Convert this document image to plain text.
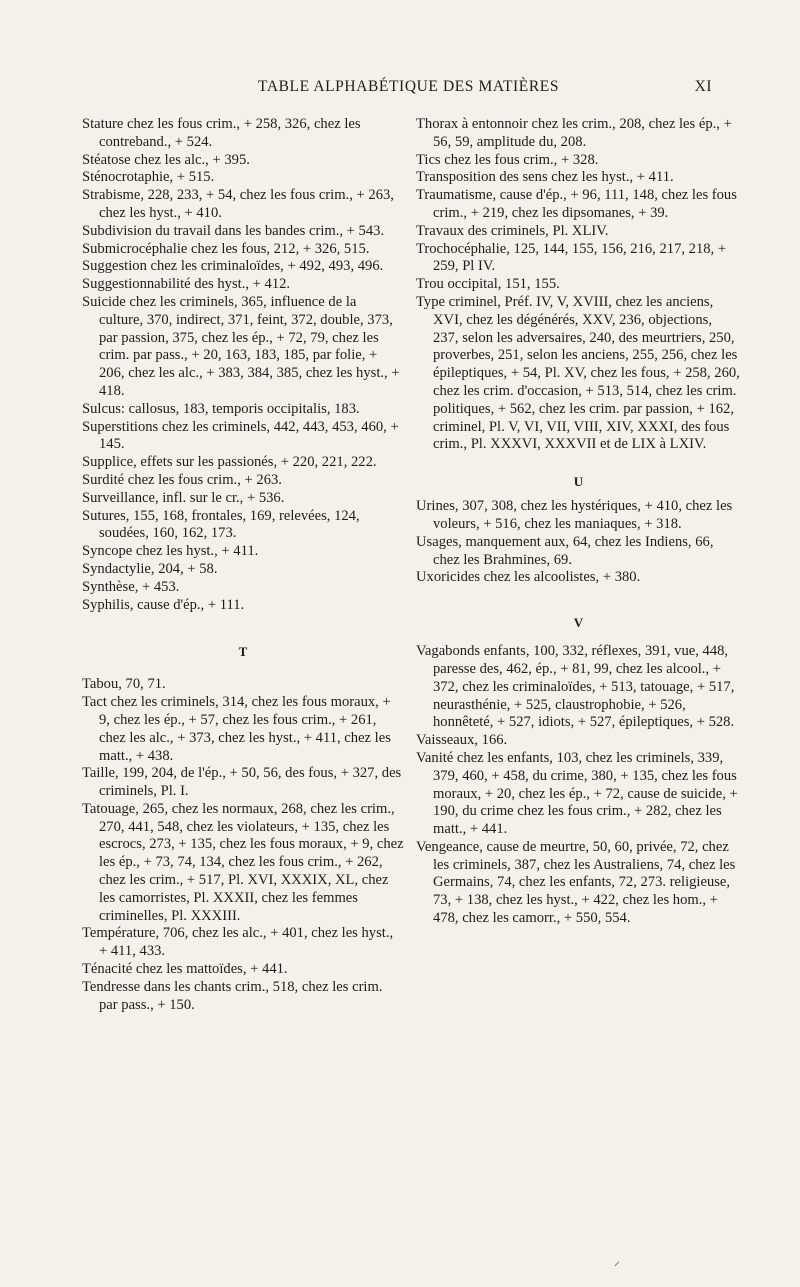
TABLE ALPHABÉTIQUE DES MATIÈRES	XI

Stature chez les fous crim., + 258, 326, chez les contreband., + 524.

Stéatose chez les alc., + 395.

Sténocrotaphie, + 515.

Strabisme, 228, 233, + 54, chez les fous crim., + 263, chez les hyst., + 410.

Subdivision du travail dans les bandes crim., + 543.

Submicrocéphalie chez les fous, 212, + 326, 515.

Suggestion chez les criminaloïdes, + 492, 493, 496.

Suggestionnabilité des hyst., + 412.

Suicide chez les criminels, 365, influence de la culture, 370, indirect, 371, feint, 372, double, 373, par passion, 375, chez les ép., + 72, 79, chez les crim. par pass., + 20, 163, 183, 185, par folie, + 206, chez les alc., + 383, 384, 385, chez les hyst., + 418.

Sulcus: callosus, 183, temporis occipitalis, 183.

Superstitions chez les criminels, 442, 443, 453, 460, + 145.

Supplice, effets sur les passionés, + 220, 221, 222.

Surdité chez les fous crim., + 263.

Surveillance, infl. sur le cr., + 536.

Sutures, 155, 168, frontales, 169, relevées, 124, soudées, 160, 162, 173.

Syncope chez les hyst., + 411.

Syndactylie, 204, + 58.

Synthèse, + 453.

Syphilis, cause d'ép., + 111.

T

Tabou, 70, 71.

Tact chez les criminels, 314, chez les fous moraux, + 9, chez les ép., + 57, chez les fous crim., + 261, chez les alc., + 373, chez les hyst., + 411, chez les matt., + 438.

Taille, 199, 204, de l'ép., + 50, 56, des fous, + 327, des criminels, Pl. I.

Tatouage, 265, chez les normaux, 268, chez les crim., 270, 441, 548, chez les violateurs, + 135, chez les escrocs, 273, + 135, chez les fous moraux, + 9, chez les ép., + 73, 74, 134, chez les fous crim., + 262, chez les crim., + 517, Pl. XVI, XXXIX, XL, chez les camorristes, Pl. XXXII, chez les femmes criminelles, Pl. XXXIII.

Température, 706, chez les alc., + 401, chez les hyst., + 411, 433.

Ténacité chez les mattoïdes, + 441.

Tendresse dans les chants crim., 518, chez les crim. par pass., + 150.

Thorax à entonnoir chez les crim., 208, chez les ép., + 56, 59, amplitude du, 208.

Tics chez les fous crim., + 328.

Transposition des sens chez les hyst., + 411.

Traumatisme, cause d'ép., + 96, 111, 148, chez les fous crim., + 219, chez les dipsomanes, + 39.

Travaux des criminels, Pl. XLIV.

Trochocéphalie, 125, 144, 155, 156, 216, 217, 218, + 259, Pl IV.

Trou occipital, 151, 155.

Type criminel, Préf. IV, V, XVIII, chez les anciens, XVI, chez les dégénérés, XXV, 236, objections, 237, selon les adversaires, 240, des meurtriers, 250, proverbes, 251, selon les anciens, 255, 256, chez les épileptiques, + 54, Pl. XV, chez les fous, + 258, 260, chez les crim. d'occasion, + 513, 514, chez les crim. politiques, + 562, chez les crim. par passion, + 162, criminel, Pl. V, VI, VII, VIII, XIV, XXXI, des fous crim., Pl. XXXVI, XXXVII et de LIX à LXIV.

U

Urines, 307, 308, chez les hystériques, + 410, chez les voleurs, + 516, chez les maniaques, + 318.

Usages, manquement aux, 64, chez les Indiens, 66, chez les Brahmines, 69.

Uxoricides chez les alcoolistes, + 380.

V

Vagabonds enfants, 100, 332, réflexes, 391, vue, 448, paresse des, 462, ép., + 81, 99, chez les alcool., + 372, chez les criminaloïdes, + 513, tatouage, + 517, neurasthénie, + 525, claustrophobie, + 526, honnêteté, + 527, idiots, + 527, épileptiques, + 528.

Vaisseaux, 166.

Vanité chez les enfants, 103, chez les criminels, 339, 379, 460, + 458, du crime, 380, + 135, chez les fous moraux, + 20, chez les ép., + 72, cause de suicide, + 190, du crime chez les fous crim., + 282, chez les matt., + 441.

Vengeance, cause de meurtre, 50, 60, privée, 72, chez les criminels, 387, chez les Australiens, 74, chez les Germains, 74, chez les enfants, 72, 273. religieuse, 73, + 138, chez les hyst., + 422, chez les hom., + 478, chez les camorr., + 550, 554.

⸝
